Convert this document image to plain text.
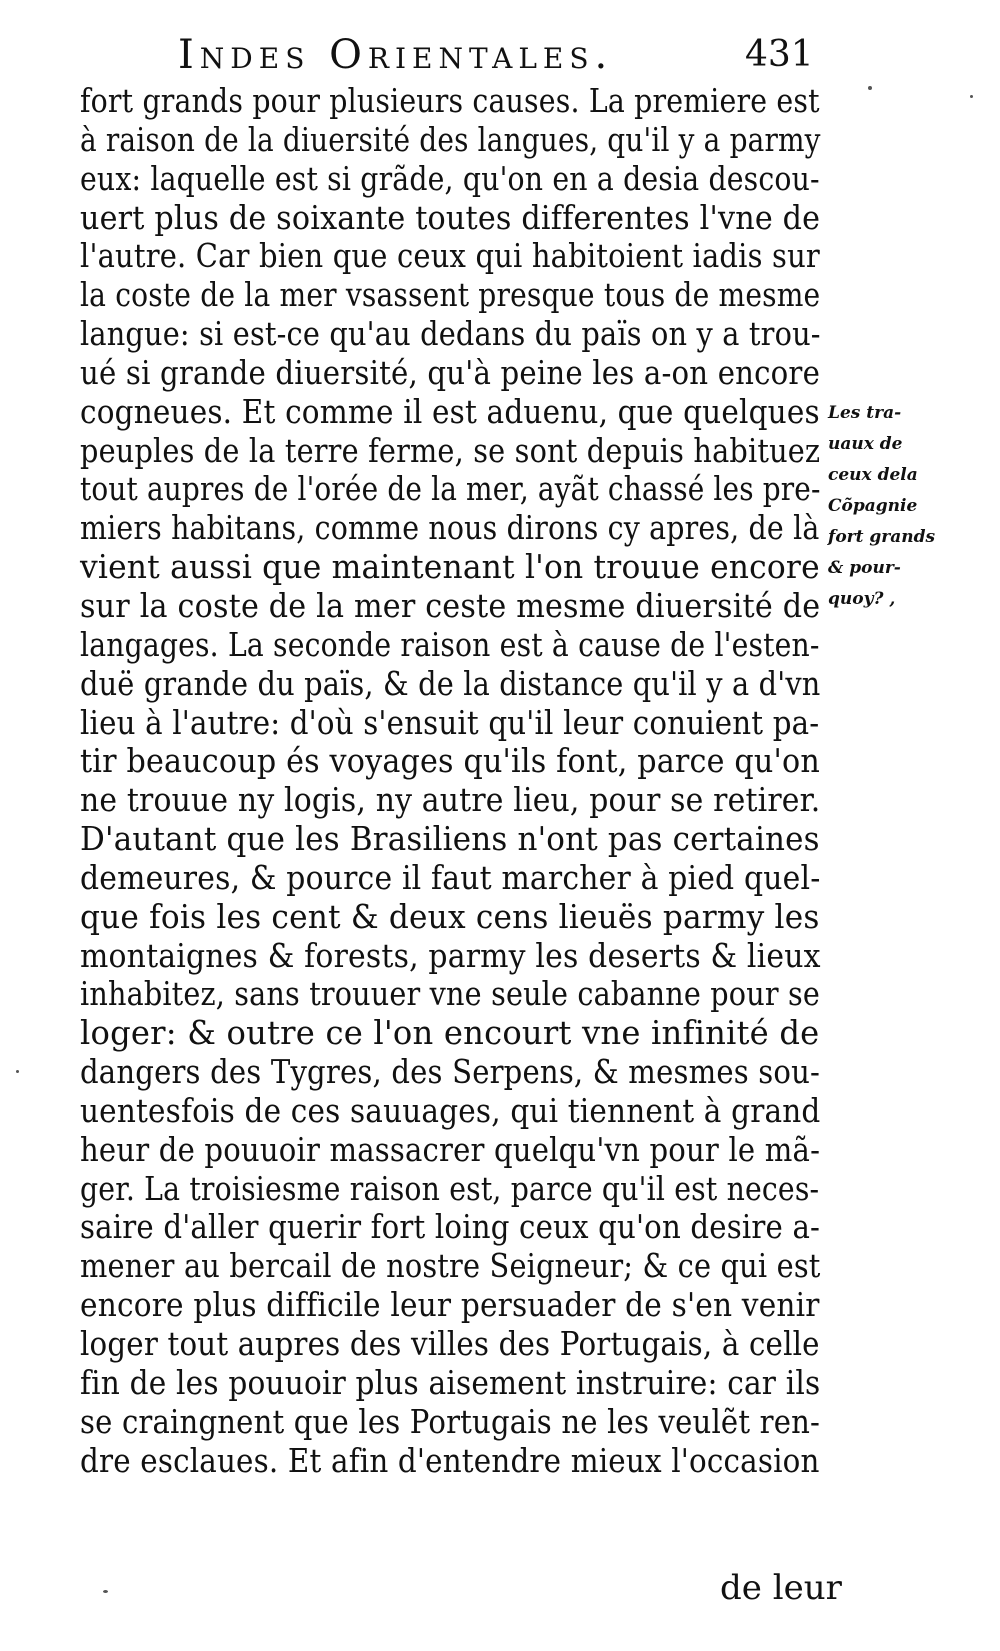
Indes Orientales.	431
fort grands pour plusieurs causes. La premiere est
à raison de la diuersité des langues, qu'il y a parmy
eux: laquelle est si grãde, qu'on en a desia descou-
uert plus de soixante toutes differentes l'vne de
l'autre. Car bien que ceux qui habitoient iadis sur
la coste de la mer vsassent presque tous de mesme
langue: si est-ce qu'au dedans du païs on y a trou-
ué si grande diuersité, qu'à peine les a-on encore
cogneues. Et comme il est aduenu, que quelques
peuples de la terre ferme, se sont depuis habituez
tout aupres de l'orée de la mer, ayãt chassé les pre-
miers habitans, comme nous dirons cy apres, de là
vient aussi que maintenant l'on trouue encore
sur la coste de la mer ceste mesme diuersité de
langages. La seconde raison est à cause de l'esten-
duë grande du païs, & de la distance qu'il y a d'vn
lieu à l'autre: d'où s'ensuit qu'il leur conuient pa-
tir beaucoup és voyages qu'ils font, parce qu'on
ne trouue ny logis, ny autre lieu, pour se retirer.
D'autant que les Brasiliens n'ont pas certaines
demeures, & pource il faut marcher à pied quel-
que fois les cent & deux cens lieuës parmy les
montaignes & forests, parmy les deserts & lieux
inhabitez, sans trouuer vne seule cabanne pour se
loger: & outre ce l'on encourt vne infinité de
dangers des Tygres, des Serpens, & mesmes sou-
uentesfois de ces sauuages, qui tiennent à grand
heur de pouuoir massacrer quelqu'vn pour le mã-
ger. La troisiesme raison est, parce qu'il est neces-
saire d'aller querir fort loing ceux qu'on desire a-
mener au bercail de nostre Seigneur; & ce qui est
encore plus difficile leur persuader de s'en venir
loger tout aupres des villes des Portugais, à celle
fin de les pouuoir plus aisement instruire: car ils
se craingnent que les Portugais ne les veulẽt ren-
dre esclaues. Et afin d'entendre mieux l'occasion
Les tra-
uaux de
ceux dela
Cõpagnie
fort grands
& pour-
quoy? ,
de leur
